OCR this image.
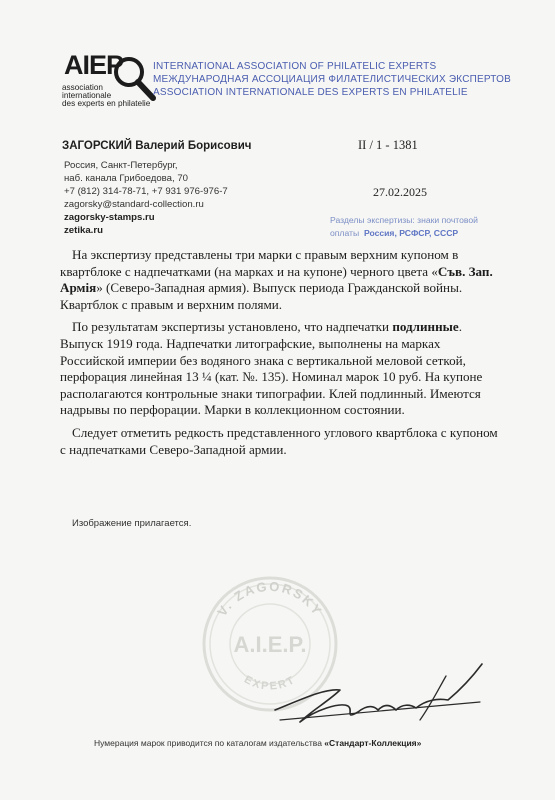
AIEP
association
internationale
des experts en philatelie
INTERNATIONAL ASSOCIATION OF PHILATELIC EXPERTS
МЕЖДУНАРОДНАЯ АССОЦИАЦИЯ ФИЛАТЕЛИСТИЧЕСКИХ ЭКСПЕРТОВ
ASSOCIATION INTERNATIONALE DES EXPERTS EN PHILATELIE
ЗАГОРСКИЙ Валерий Борисович	II / 1 - 1381
Россия, Санкт-Петербург,
наб. канала Грибоедова, 70
+7 (812) 314-78-71, +7 931 976-976-7
zagorsky@standard-collection.ru
zagorsky-stamps.ru
zetika.ru
27.02.2025
Разделы экспертизы: знаки почтовой
оплаты Россия, РСФСР, СССР

На экспертизу представлены три марки с правым верхним купоном в квартблоке с надпечатками (на марках и на купоне) черного цвета «Съв. Зап. Армiя» (Северо-Западная армия). Выпуск периода Гражданской войны. Квартблок с правым и верхним полями.

По результатам экспертизы установлено, что надпечатки подлинные. Выпуск 1919 года. Надпечатки литографские, выполнены на марках Российской империи без водяного знака с вертикальной меловой сеткой, перфорация линейная 13 ¼ (кат. №. 135). Номинал марок 10 руб. На купоне располагаются контрольные знаки типографии. Клей подлинный. Имеются надрывы по перфорации. Марки в коллекционном состоянии.

Следует отметить редкость представленного углового квартблока с купоном с надпечатками Северо-Западной армии.

Изображение прилагается.
V. ZAGORSKY
A.I.E.P.
EXPERT
Нумерация марок приводится по каталогам издательства «Стандарт-Коллекция»
